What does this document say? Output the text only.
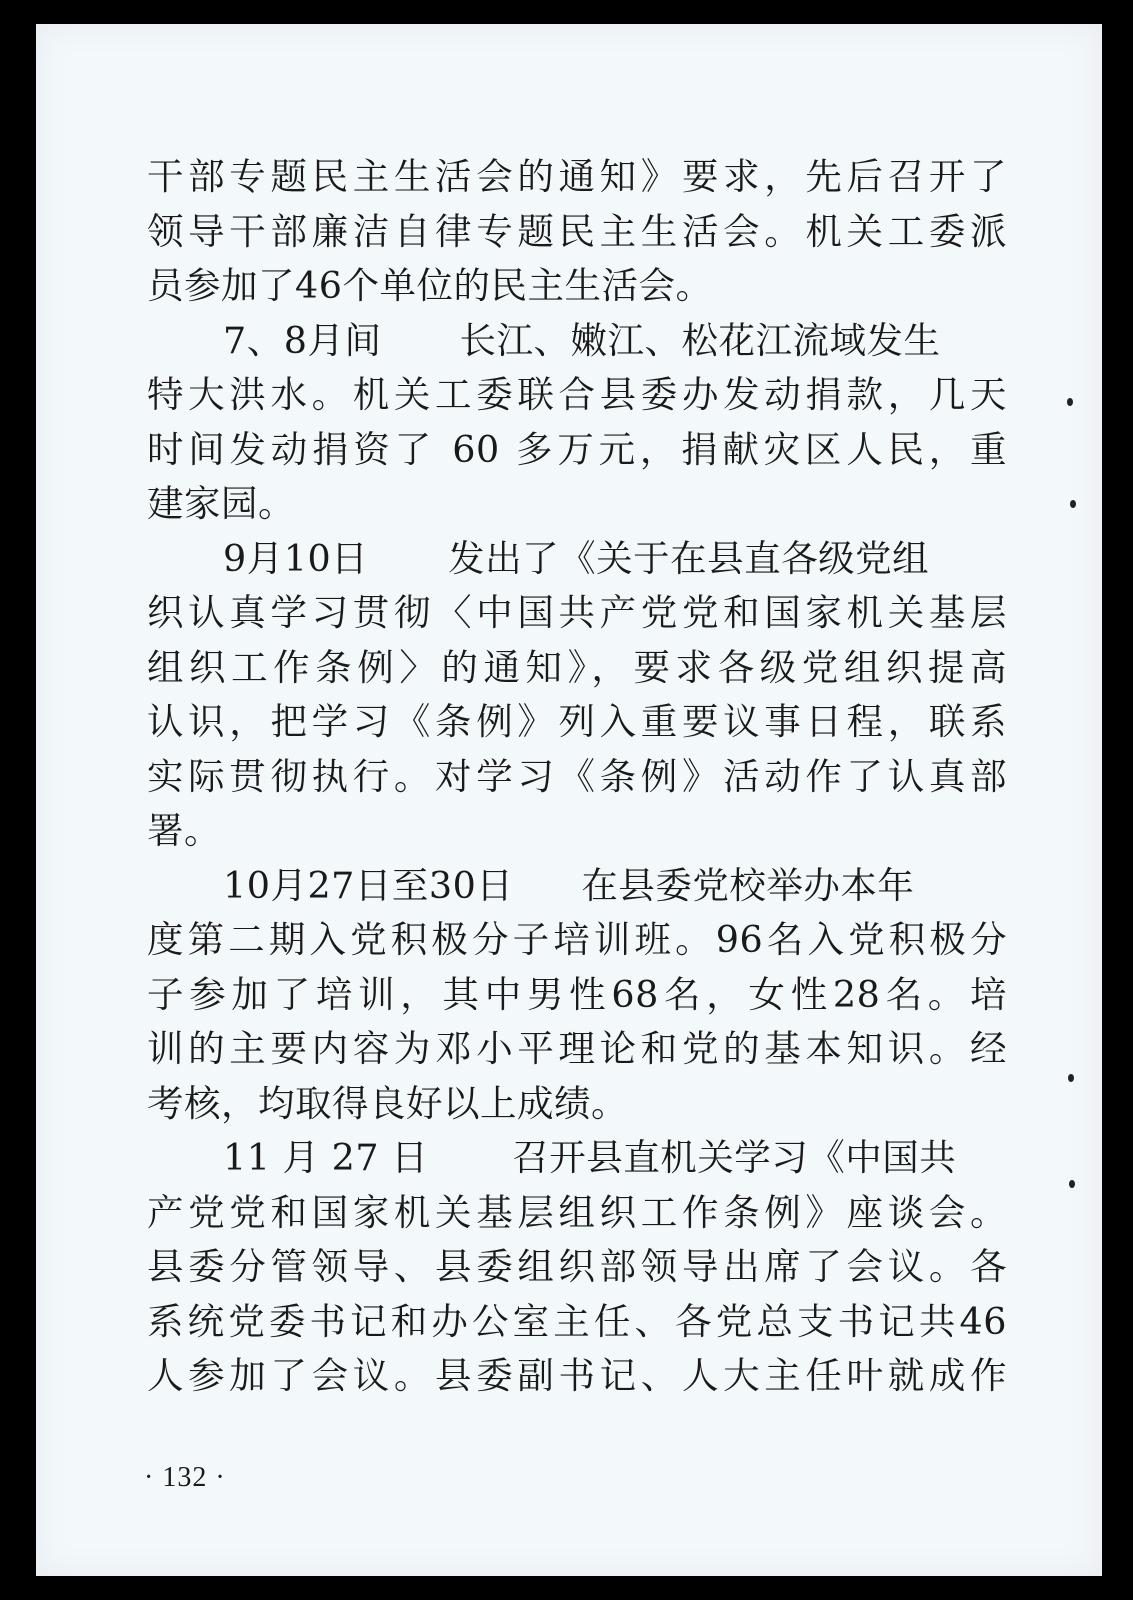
干部专题民主生活会的通知》要求，先后召开了
领导干部廉洁自律专题民主生活会。机关工委派
员参加了46个单位的民主生活会。
7、8月间 长江、嫩江、松花江流域发生
特大洪水。机关工委联合县委办发动捐款，几天
时间发动捐资了 60 多万元，捐献灾区人民，重
建家园。
9月10日 发出了《关于在县直各级党组
织认真学习贯彻〈中国共产党党和国家机关基层
组织工作条例〉的通知》，要求各级党组织提高
认识，把学习《条例》列入重要议事日程，联系
实际贯彻执行。对学习《条例》活动作了认真部
署。
10月27日至30日 在县委党校举办本年
度第二期入党积极分子培训班。96名入党积极分
子参加了培训，其中男性68名，女性28名。培
训的主要内容为邓小平理论和党的基本知识。经
考核，均取得良好以上成绩。
11 月 27 日 召开县直机关学习《中国共
产党党和国家机关基层组织工作条例》座谈会。
县委分管领导、县委组织部领导出席了会议。各
系统党委书记和办公室主任、各党总支书记共46
人参加了会议。县委副书记、人大主任叶就成作
· 132 ·
